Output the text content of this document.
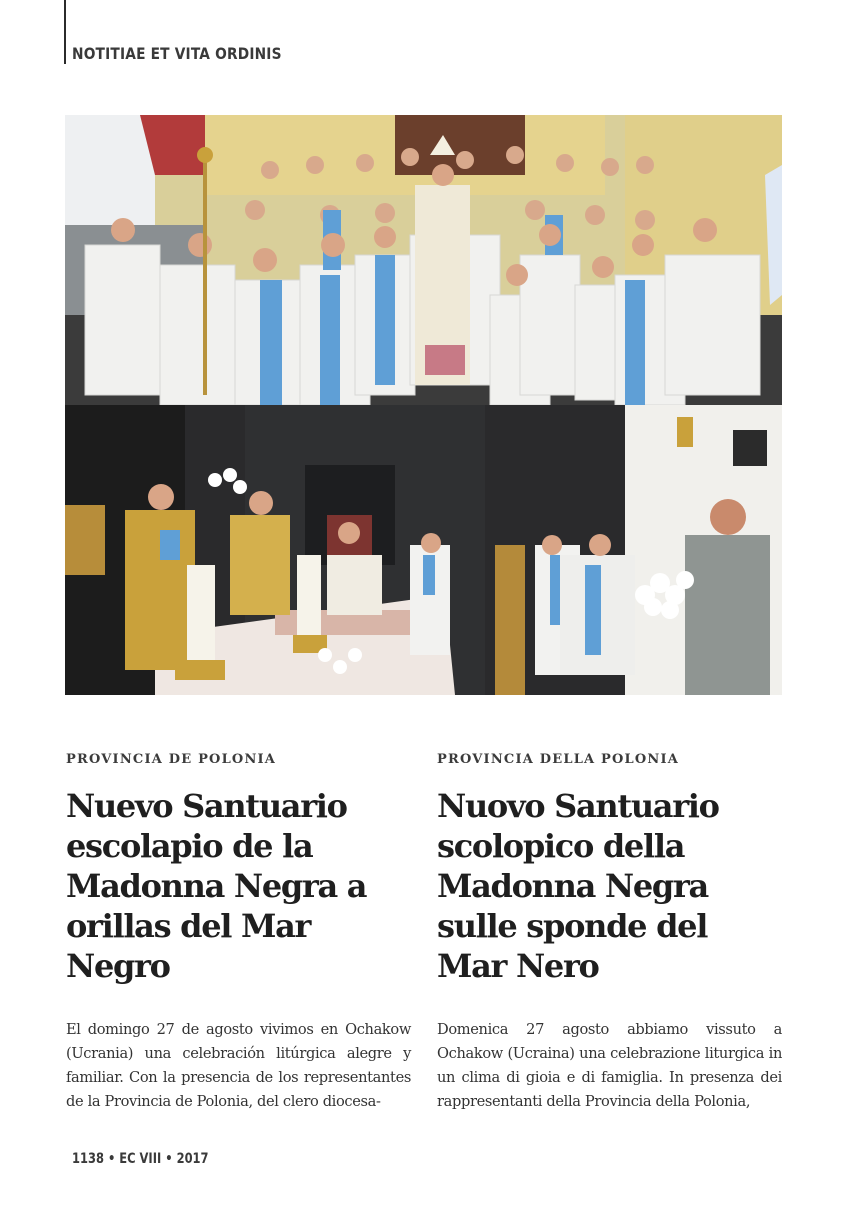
NOTITIAE ET VITA ORDINIS

PROVINCIA DE POLONIA

Nuevo Santuario escolapio de la Madonna Negra a orillas del Mar Negro

PROVINCIA DELLA POLONIA

Nuovo Santuario scolopico della Madonna Negra sulle sponde del Mar Nero

El domingo 27 de agosto vivimos en Ochakow (Ucrania) una celebración litúrgica alegre y familiar. Con la presencia de los representantes de la Provincia de Polonia, del clero diocesa-

Domenica 27 agosto abbiamo vissuto a Ochakow (Ucraina) una celebrazione liturgica in un clima di gioia e di famiglia. In presenza dei rappresentanti della Provincia della Polonia,

1138 • EC VIII • 2017
